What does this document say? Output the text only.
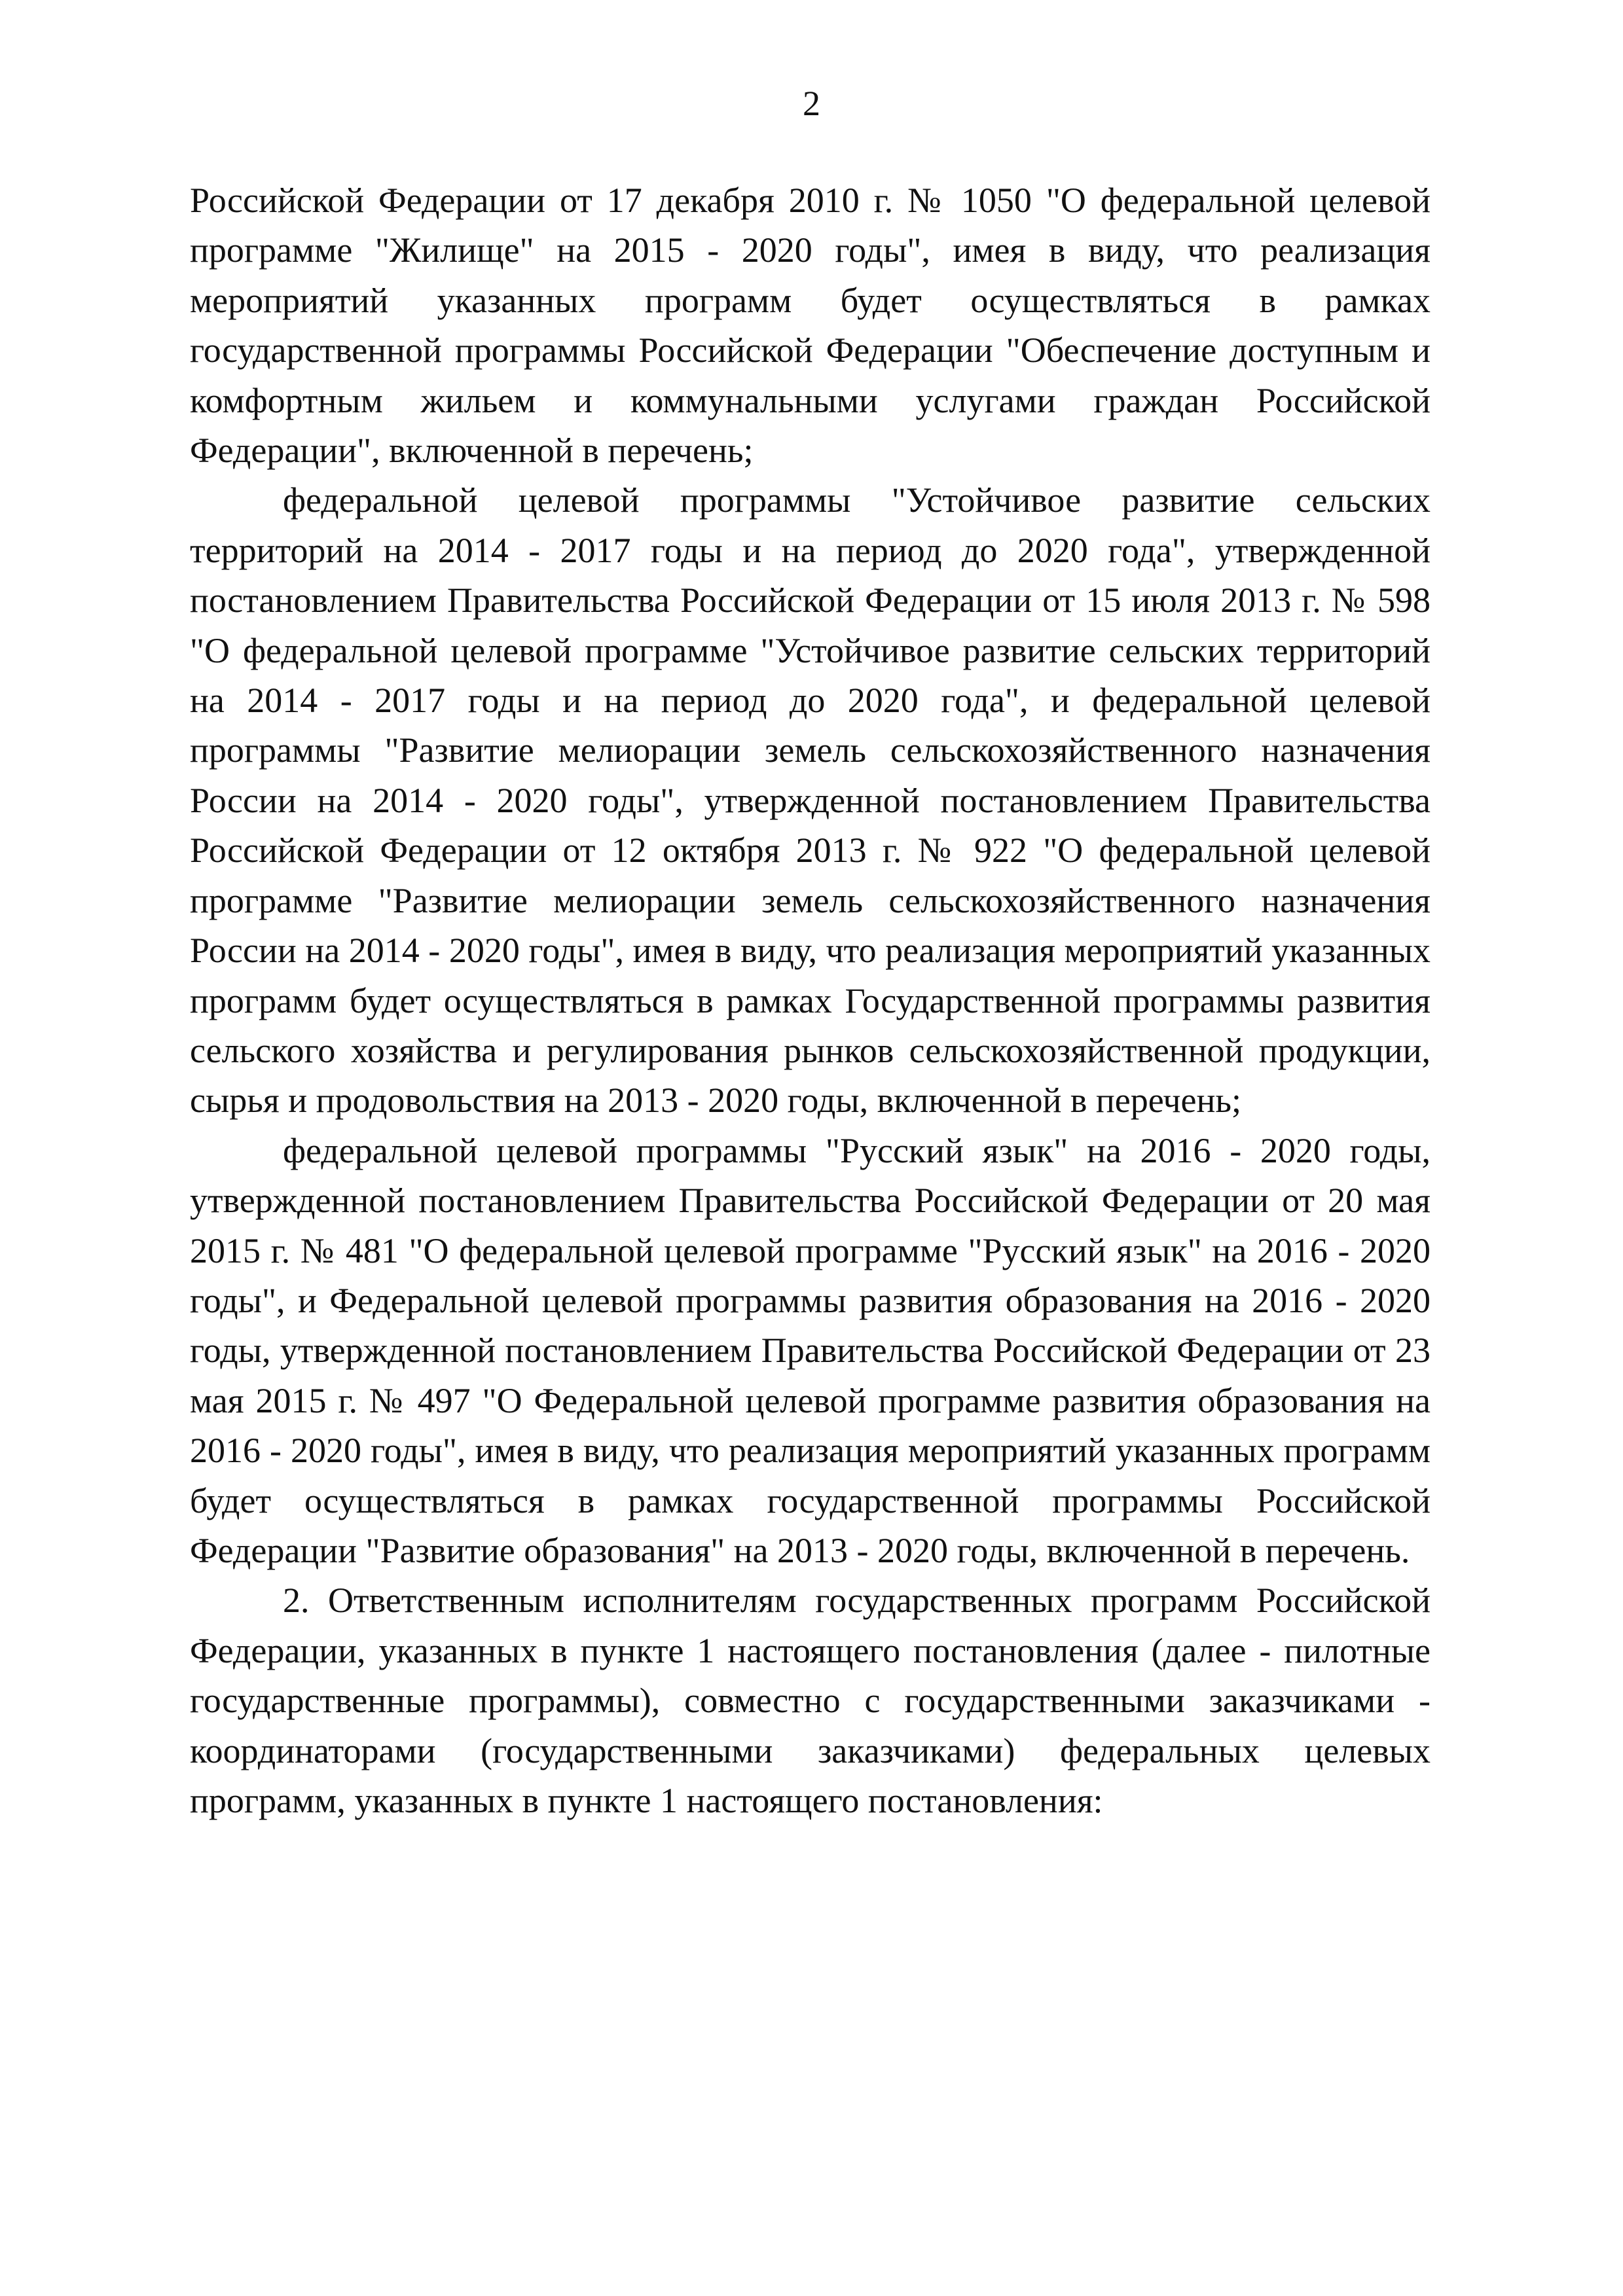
2

Российской Федерации от 17 декабря 2010 г. № 1050 "О федеральной целевой программе "Жилище" на 2015 - 2020 годы", имея в виду, что реализация мероприятий указанных программ будет осуществляться в рамках государственной программы Российской Федерации "Обеспечение доступным и комфортным жильем и коммунальными услугами граждан Российской Федерации", включенной в перечень;

федеральной целевой программы "Устойчивое развитие сельских территорий на 2014 - 2017 годы и на период до 2020 года", утвержденной постановлением Правительства Российской Федерации от 15 июля 2013 г. № 598 "О федеральной целевой программе "Устойчивое развитие сельских территорий на 2014 - 2017 годы и на период до 2020 года", и федеральной целевой программы "Развитие мелиорации земель сельскохозяйственного назначения России на 2014 - 2020 годы", утвержденной постановлением Правительства Российской Федерации от 12 октября 2013 г. № 922 "О федеральной целевой программе "Развитие мелиорации земель сельскохозяйственного назначения России на 2014 - 2020 годы", имея в виду, что реализация мероприятий указанных программ будет осуществляться в рамках Государственной программы развития сельского хозяйства и регулирования рынков сельскохозяйственной продукции, сырья и продовольствия на 2013 - 2020 годы, включенной в перечень;

федеральной целевой программы "Русский язык" на 2016 - 2020 годы, утвержденной постановлением Правительства Российской Федерации от 20 мая 2015 г. № 481 "О федеральной целевой программе "Русский язык" на 2016 - 2020 годы", и Федеральной целевой программы развития образования на 2016 - 2020 годы, утвержденной постановлением Правительства Российской Федерации от 23 мая 2015 г. № 497 "О Федеральной целевой программе развития образования на 2016 - 2020 годы", имея в виду, что реализация мероприятий указанных программ будет осуществляться в рамках государственной программы Российской Федерации "Развитие образования" на 2013 - 2020 годы, включенной в перечень.

2. Ответственным исполнителям государственных программ Российской Федерации, указанных в пункте 1 настоящего постановления (далее - пилотные государственные программы), совместно с государственными заказчиками - координаторами (государственными заказчиками) федеральных целевых программ, указанных в пункте 1 настоящего постановления:
